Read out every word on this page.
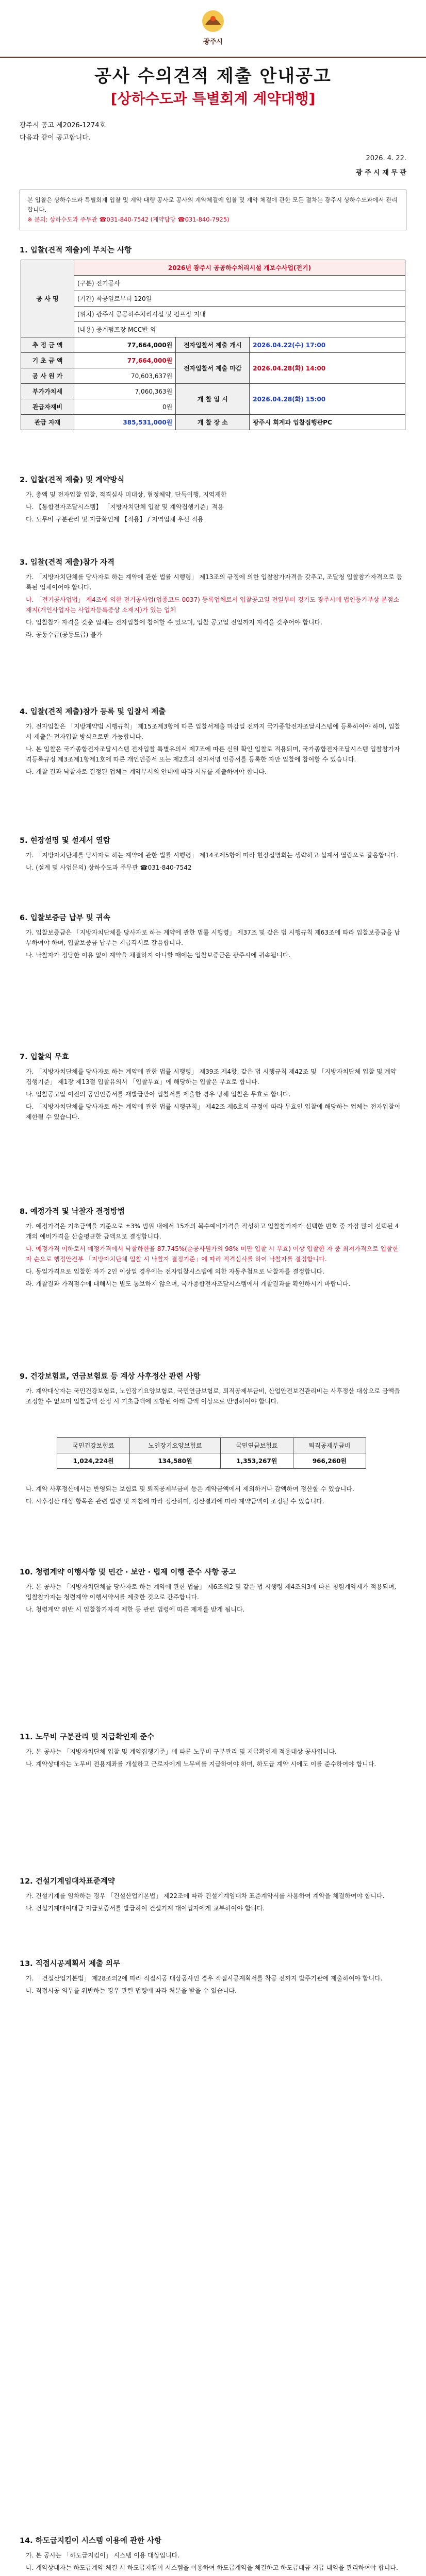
광주시
공사 수의견적 제출 안내공고
[상하수도과 특별회계 계약대행]
광주시 공고 제2026-1274호
다음과 같이 공고합니다.
2026. 4. 22.
광 주 시 재 무 관
본 입찰은 상하수도과 특별회계 입찰 및 계약 대행 공사로 공사의 계약체결에 입찰 및 계약 체결에 관한 모든 절차는 광주시 상하수도과에서 관리합니다.
※ 문의: 상하수도과 주무관 ☎031-840-7542 (계약담당 ☎031-840-7925)
1. 입찰(견적 제출)에 부치는 사항
공 사 명	2026년 광주시 공공하수처리시설 개보수사업(전기)		
	(구분) 전기공사		
	(기간) 착공일로부터 120일		
	(위치) 광주시 공공하수처리시설 및 펌프장 지내		
	(내용) 중계펌프장 MCC반 외		
추 정 금 액	77,664,000원	전자입찰서 제출 개시	2026.04.22(수) 17:00
기 초 금 액	77,664,000원	전자입찰서 제출 마감	2026.04.28(화) 14:00
공 사 원 가	70,603,637원		
부가가치세	7,060,363원	개 찰 일 시	2026.04.28(화) 15:00
관급자재비	0원		
관급 자재	385,531,000원	개 찰 장 소	광주시 회계과 입찰집행관PC
2. 입찰(견적 제출) 및 계약방식

가. 총액 및 전자입찰 입찰, 적격심사 미대상, 협정체약, 단독이행, 지역제한

나. 【통합전자조달시스템】 「지방자치단체 입찰 및 계약집행기준」적용

다. 노무비 구분관리 및 지급확인제 【적용】 / 지역업체 우선 적용

3. 입찰(견적 제출)참가 자격

가. 「지방자치단체를 당사자로 하는 계약에 관한 법률 시행령」 제13조의 규정에 의한 입찰참가자격을 갖추고, 조달청 입찰참가자격으로 등록된 업체이어야 합니다.

나. 「전기공사업법」 제4조에 의한 전기공사업(업종코드 0037) 등록업체로서 입찰공고일 전일부터 경기도 광주시에 법인등기부상 본점소재지(개인사업자는 사업자등록증상 소재지)가 있는 업체

다. 입찰참가 자격을 갖춘 업체는 전자입찰에 참여할 수 있으며, 입찰 공고일 전일까지 자격을 갖추어야 합니다.

라. 공동수급(공동도급) 불가

4. 입찰(견적 제출)참가 등록 및 입찰서 제출

가. 전자입찰은 「지방계약법 시행규칙」 제15조제3항에 따른 입찰서제출 마감일 전까지 국가종합전자조달시스템에 등록하여야 하며, 입찰서 제출은 전자입찰 방식으로만 가능합니다.

나. 본 입찰은 국가종합전자조달시스템 전자입찰 특별유의서 제7조에 따른 신원 확인 입찰로 적용되며, 국가종합전자조달시스템 입찰참가자격등록규정 제3조제1항제1호에 따른 개인인증서 또는 제2호의 전자서명 인증서를 등록한 자만 입찰에 참여할 수 있습니다.

다. 개찰 결과 낙찰자로 결정된 업체는 계약부서의 안내에 따라 서류를 제출하여야 합니다.

5. 현장설명 및 설계서 열람

가. 「지방자치단체를 당사자로 하는 계약에 관한 법률 시행령」 제14조제5항에 따라 현장설명회는 생략하고 설계서 열람으로 갈음합니다.

나. (설계 및 사업문의) 상하수도과 주무관 ☎031-840-7542

6. 입찰보증금 납부 및 귀속

가. 입찰보증금은 「지방자치단체를 당사자로 하는 계약에 관한 법률 시행령」 제37조 및 같은 법 시행규칙 제63조에 따라 입찰보증금을 납부하여야 하며, 입찰보증금 납부는 지급각서로 갈음합니다.

나. 낙찰자가 정당한 이유 없이 계약을 체결하지 아니할 때에는 입찰보증금은 광주시에 귀속됩니다.

7. 입찰의 무효

가. 「지방자치단체를 당사자로 하는 계약에 관한 법률 시행령」 제39조 제4항, 같은 법 시행규칙 제42조 및 「지방자치단체 입찰 및 계약 집행기준」 제1장 제13절 입찰유의서 「입찰무효」에 해당하는 입찰은 무효로 합니다.

나. 입찰공고일 이전의 공인인증서를 재발급받아 입찰서를 제출한 경우 당해 입찰은 무효로 합니다.

다. 「지방자치단체를 당사자로 하는 계약에 관한 법률 시행규칙」 제42조 제6호의 규정에 따라 무효인 입찰에 해당하는 업체는 전자입찰이 제한될 수 있습니다.

8. 예정가격 및 낙찰자 결정방법

가. 예정가격은 기초금액을 기준으로 ±3% 범위 내에서 15개의 복수예비가격을 작성하고 입찰참가자가 선택한 번호 중 가장 많이 선택된 4개의 예비가격을 산술평균한 금액으로 결정합니다.

나. 예정가격 이하로서 예정가격에서 낙찰하한율 87.745%(순공사원가의 98% 미만 입찰 시 무효) 이상 입찰한 자 중 최저가격으로 입찰한 자 순으로 행정안전부 「지방자치단체 입찰 시 낙찰자 결정기준」에 따라 적격심사를 하여 낙찰자를 결정합니다.

다. 동일가격으로 입찰한 자가 2인 이상일 경우에는 전자입찰시스템에 의한 자동추첨으로 낙찰자를 결정합니다.

라. 개찰결과 가격점수에 대해서는 별도 통보하지 않으며, 국가종합전자조달시스템에서 개찰결과를 확인하시기 바랍니다.

9. 건강보험료, 연금보험료 등 계상 사후정산 관련 사항

가. 계약대상자는 국민건강보험료, 노인장기요양보험료, 국민연금보험료, 퇴직공제부금비, 산업안전보건관리비는 사후정산 대상으로 금액을 조정할 수 없으며 입찰금액 산정 시 기초금액에 포함된 아래 금액 이상으로 반영하여야 합니다.

국민건강보험료	노인장기요양보험료	국민연금보험료	퇴직공제부금비
1,024,224원	134,580원	1,353,267원	966,260원

나. 계약 사후정산에서는 반영되는 보험료 및 퇴직공제부금비 등은 계약금액에서 제외하거나 감액하여 정산할 수 있습니다.

다. 사후정산 대상 항목은 관련 법령 및 지침에 따라 정산하며, 정산결과에 따라 계약금액이 조정될 수 있습니다.

10. 청렴계약 이행사항 및 민간 · 보안 · 법제 이행 준수 사항 공고

가. 본 공사는 「지방자치단체를 당사자로 하는 계약에 관한 법률」 제6조의2 및 같은 법 시행령 제4조의3에 따른 청렴계약제가 적용되며, 입찰참가자는 청렴계약 이행서약서를 제출한 것으로 간주합니다.

나. 청렴계약 위반 시 입찰참가자격 제한 등 관련 법령에 따른 제재를 받게 됩니다.

11. 노무비 구분관리 및 지급확인제 준수

가. 본 공사는 「지방자치단체 입찰 및 계약집행기준」에 따른 노무비 구분관리 및 지급확인제 적용대상 공사입니다.

나. 계약상대자는 노무비 전용계좌를 개설하고 근로자에게 노무비를 지급하여야 하며, 하도급 계약 시에도 이를 준수하여야 합니다.

12. 건설기계임대차표준계약

가. 건설기계를 임차하는 경우 「건설산업기본법」 제22조에 따라 건설기계임대차 표준계약서를 사용하여 계약을 체결하여야 합니다.

나. 건설기계대여대금 지급보증서를 발급하여 건설기계 대여업자에게 교부하여야 합니다.

13. 직접시공계획서 제출 의무

가. 「건설산업기본법」 제28조의2에 따라 직접시공 대상공사인 경우 직접시공계획서를 착공 전까지 발주기관에 제출하여야 합니다.

나. 직접시공 의무를 위반하는 경우 관련 법령에 따라 처분을 받을 수 있습니다.

14. 하도급지킴이 시스템 이용에 관한 사항

가. 본 공사는 「하도급지킴이」 시스템 이용 대상입니다.

나. 계약상대자는 하도급계약 체결 시 하도급지킴이 시스템을 이용하여 하도급계약을 체결하고 하도급대금 지급 내역을 관리하여야 합니다.
